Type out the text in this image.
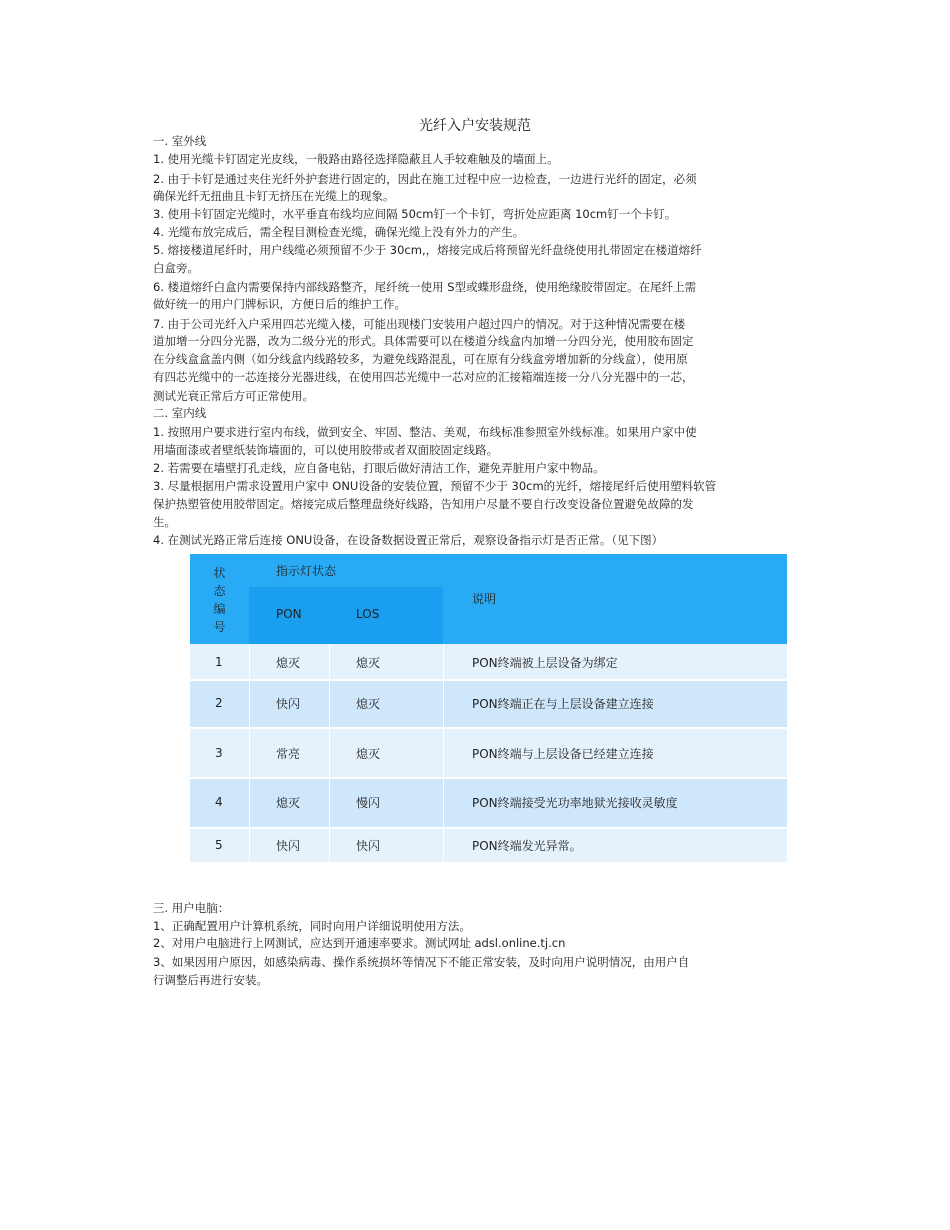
光纤入户安装规范
一. 室外线
1. 使用光缆卡钉固定光皮线，一般路由路径选择隐蔽且人手较难触及的墙面上。
2. 由于卡钉是通过夹住光纤外护套进行固定的，因此在施工过程中应一边检查，一边进行光纤的固定，必须
确保光纤无扭曲且卡钉无挤压在光缆上的现象。
3. 使用卡钉固定光缆时，水平垂直布线均应间隔 50cm钉一个卡钉，弯折处应距离 10cm钉一个卡钉。
4. 光缆布放完成后，需全程目测检查光缆，确保光缆上没有外力的产生。
5. 熔接楼道尾纤时，用户线缆必须预留不少于 30cm,，熔接完成后将预留光纤盘绕使用扎带固定在楼道熔纤
白盒旁。
6. 楼道熔纤白盒内需要保持内部线路整齐，尾纤统一使用 S型或蝶形盘绕，使用绝缘胶带固定。在尾纤上需
做好统一的用户门牌标识，方便日后的维护工作。
7. 由于公司光纤入户采用四芯光缆入楼，可能出现楼门安装用户超过四户的情况。对于这种情况需要在楼
道加增一分四分光器，改为二级分光的形式。具体需要可以在楼道分线盒内加增一分四分光，使用胶布固定
在分线盒盒盖内侧（如分线盒内线路较多，为避免线路混乱，可在原有分线盒旁增加新的分线盒），使用原
有四芯光缆中的一芯连接分光器进线，在使用四芯光缆中一芯对应的汇接箱端连接一分八分光器中的一芯，
测试光衰正常后方可正常使用。
二. 室内线
1. 按照用户要求进行室内布线，做到安全、牢固、整洁、美观，布线标准参照室外线标准。如果用户家中使
用墙面漆或者壁纸装饰墙面的，可以使用胶带或者双面胶固定线路。
2. 若需要在墙壁打孔走线，应自备电钻，打眼后做好清洁工作，避免弄脏用户家中物品。
3. 尽量根据用户需求设置用户家中 ONU设备的安装位置，预留不少于 30cm的光纤，熔接尾纤后使用塑料软管
保护热塑管使用胶带固定。熔接完成后整理盘绕好线路，告知用户尽量不要自行改变设备位置避免故障的发
生。
4. 在测试光路正常后连接 ONU设备，在设备数据设置正常后，观察设备指示灯是否正常。（见下图）
状
态
编
号
指示灯状态
PON	LOS
说明
1	熄灭	熄灭	PON终端被上层设备为绑定
2	快闪	熄灭	PON终端正在与上层设备建立连接
3	常亮	熄灭	PON终端与上层设备已经建立连接
4	熄灭	慢闪	PON终端接受光功率地狱光接收灵敏度
5	快闪	快闪	PON终端发光异常。
三. 用户电脑：
1、正确配置用户计算机系统，同时向用户详细说明使用方法。
2、对用户电脑进行上网测试，应达到开通速率要求。测试网址 adsl.online.tj.cn
3、如果因用户原因，如感染病毒、操作系统损坏等情况下不能正常安装，及时向用户说明情况，由用户自
行调整后再进行安装。
